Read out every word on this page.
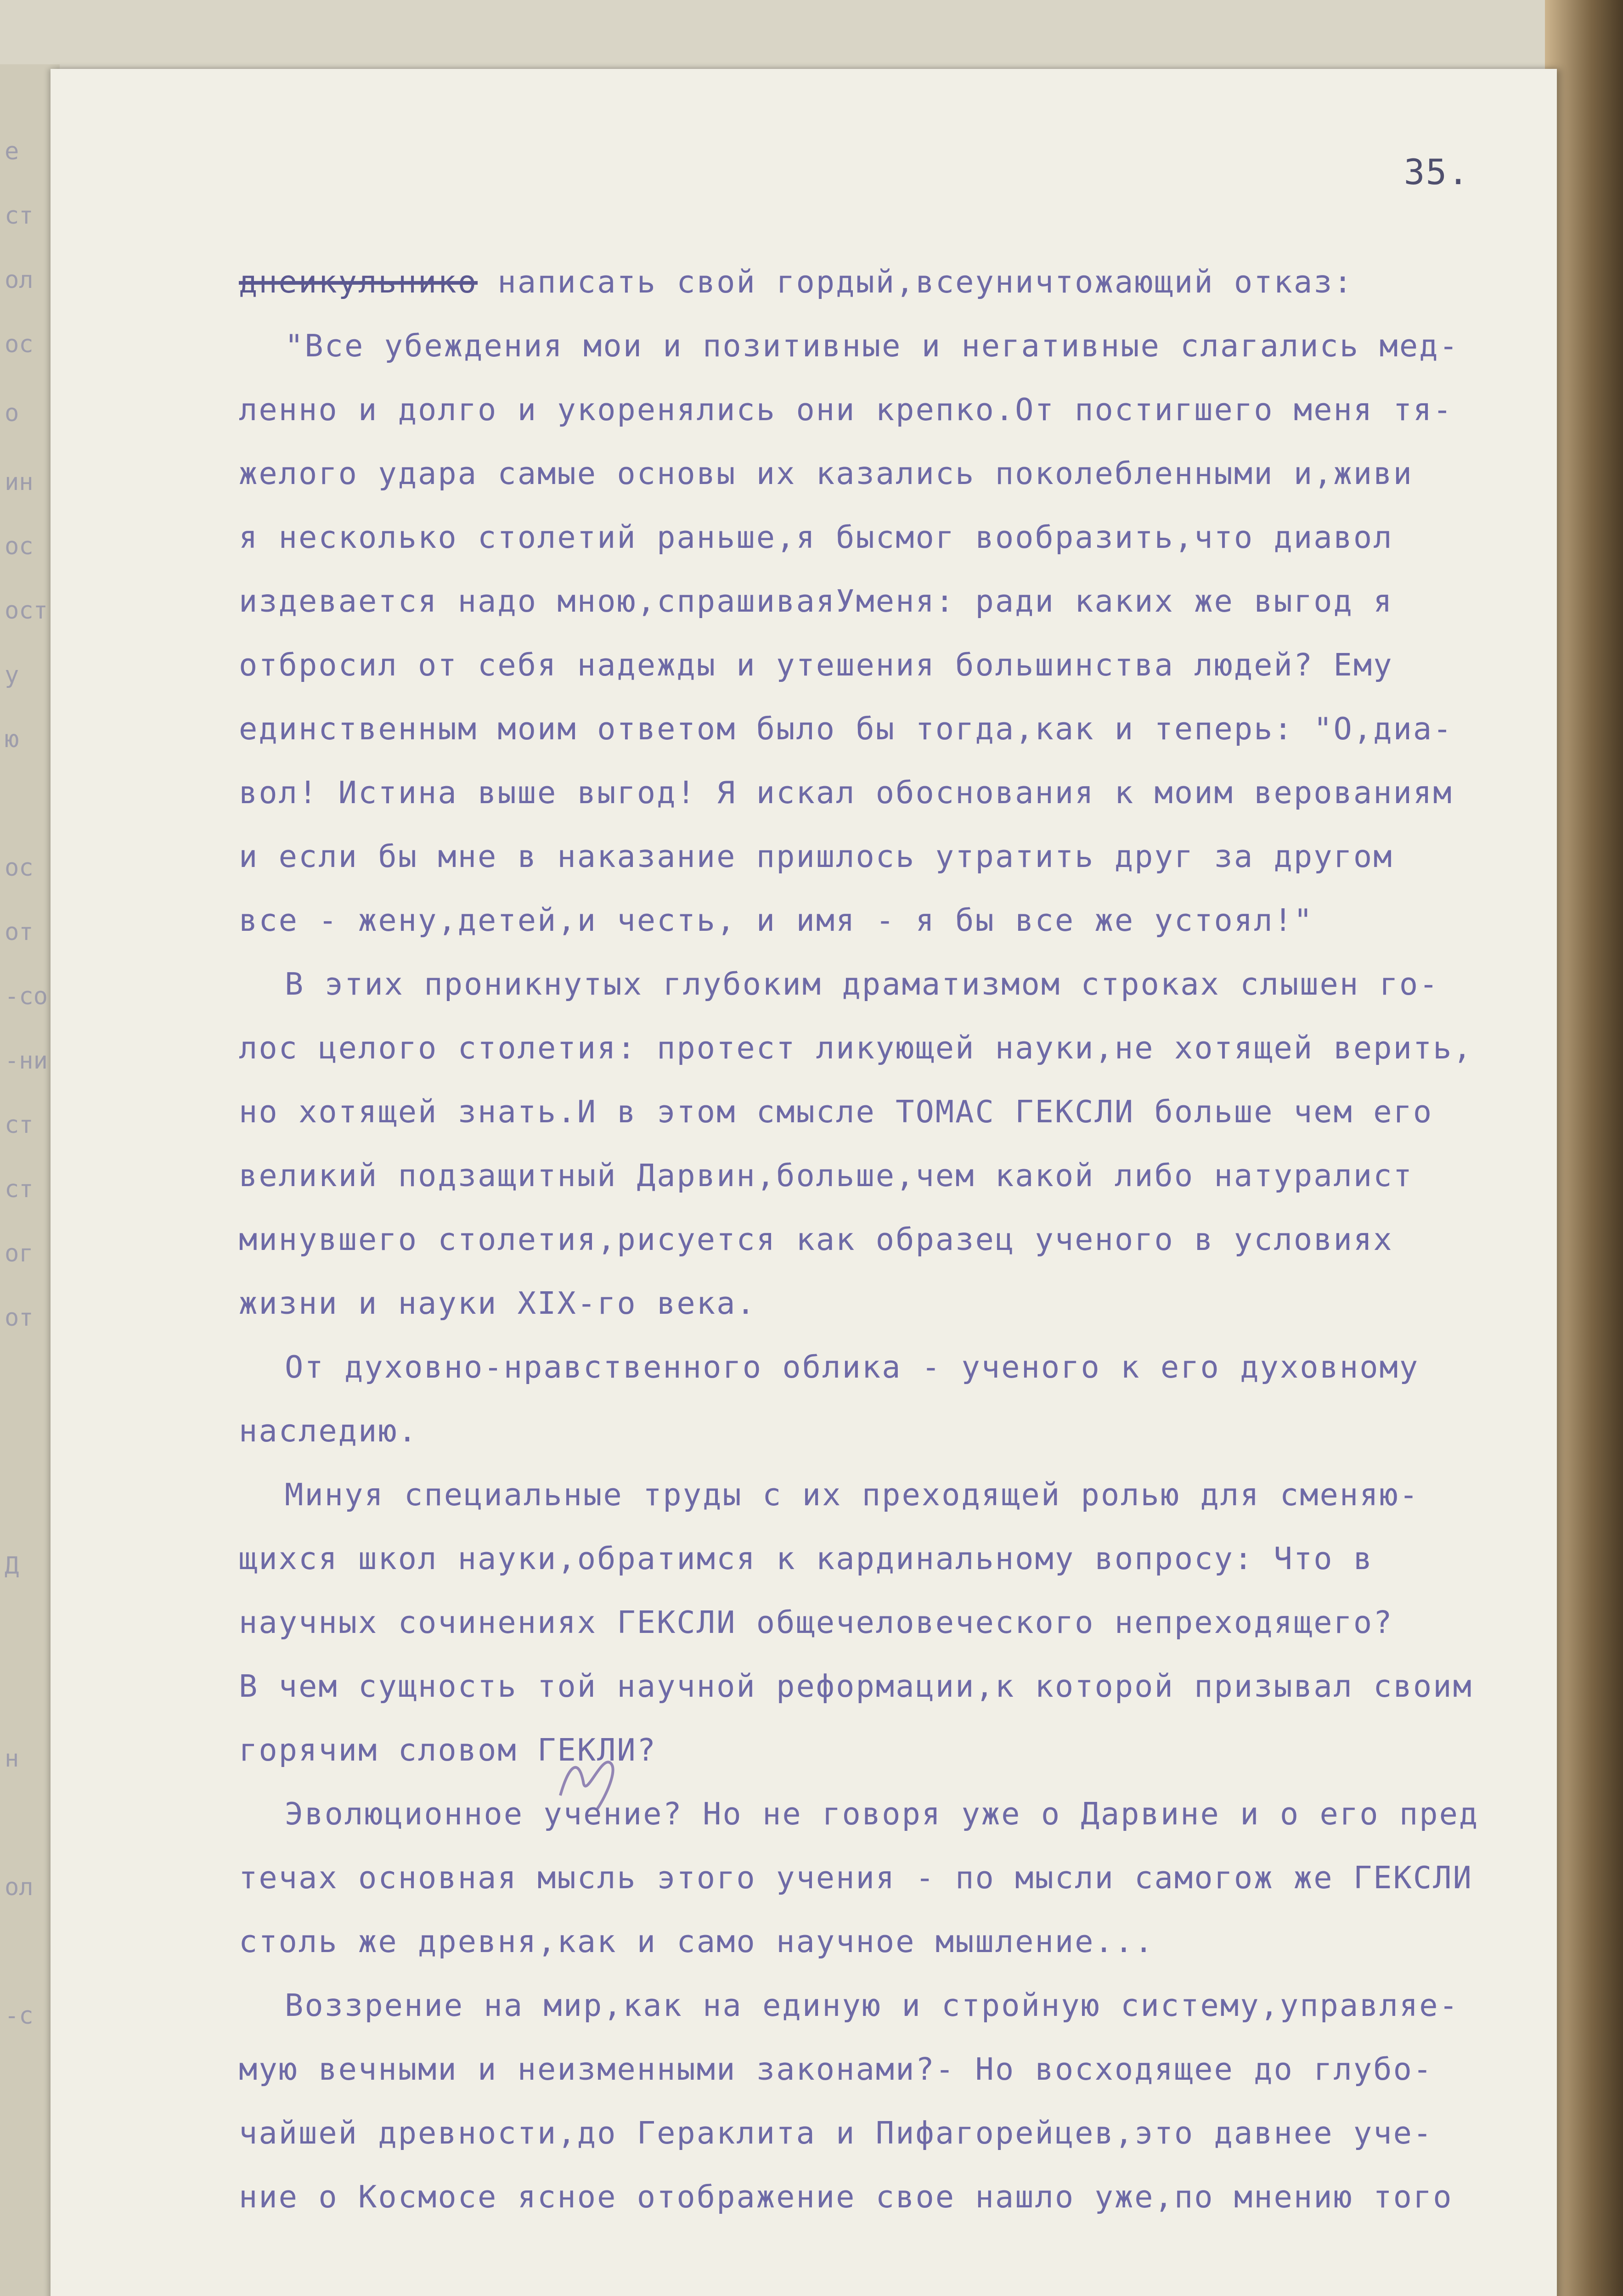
е
ст
ол
ос
о
ин
ос
ост
у
ю
ос
от
-со
-ни
ст
ст
ог
от
Д
н
ол
-с
35.
днеикульнико написать свой гордый,всеуничтожающий отказ:
"Все убеждения мои и позитивные и негативные слагались мед-
ленно и долго и укоренялись они крепко.От постигшего меня тя-
желого удара самые основы их казались поколебленными и,живи
я несколько столетий раньше,я бысмог вообразить,что диавол
издевается надо мною,спрашиваяУменя: ради каких же выгод я
отбросил от себя надежды и утешения большинства людей? Ему
единственным моим ответом было бы тогда,как и теперь: "О,диа-
вол! Истина выше выгод! Я искал обоснования к моим верованиям
и если бы мне в наказание пришлось утратить друг за другом
все - жену,детей,и честь, и имя - я бы все же устоял!"
В этих проникнутых глубоким драматизмом строках слышен го-
лос целого столетия: протест ликующей науки,не хотящей верить,
но хотящей знать.И в этом смысле ТОМАС ГЕКСЛИ больше чем его
великий подзащитный Дарвин,больше,чем какой либо натуралист
минувшего столетия,рисуется как образец ученого в условиях
жизни и науки XIX-го века.
От духовно-нравственного облика - ученого к его духовному
наследию.
Минуя специальные труды с их преходящей ролью для сменяю-
щихся школ науки,обратимся к кардинальному вопросу: Что в
научных сочинениях ГЕКСЛИ общечеловеческого непреходящего?
В чем сущность той научной реформации,к которой призывал своим
горячим словом ГЕКЛИ?
Эволюционное учение? Но не говоря уже о Дарвине и о его пред
течах основная мысль этого учения - по мысли самогож же ГЕКСЛИ
столь же древня,как и само научное мышление...
Воззрение на мир,как на единую и стройную систему,управляе-
мую вечными и неизменными законами?- Но восходящее до глубо-
чайшей древности,до Гераклита и Пифагорейцев,это давнее уче-
ние о Космосе ясное отображение свое нашло уже,по мнению того
